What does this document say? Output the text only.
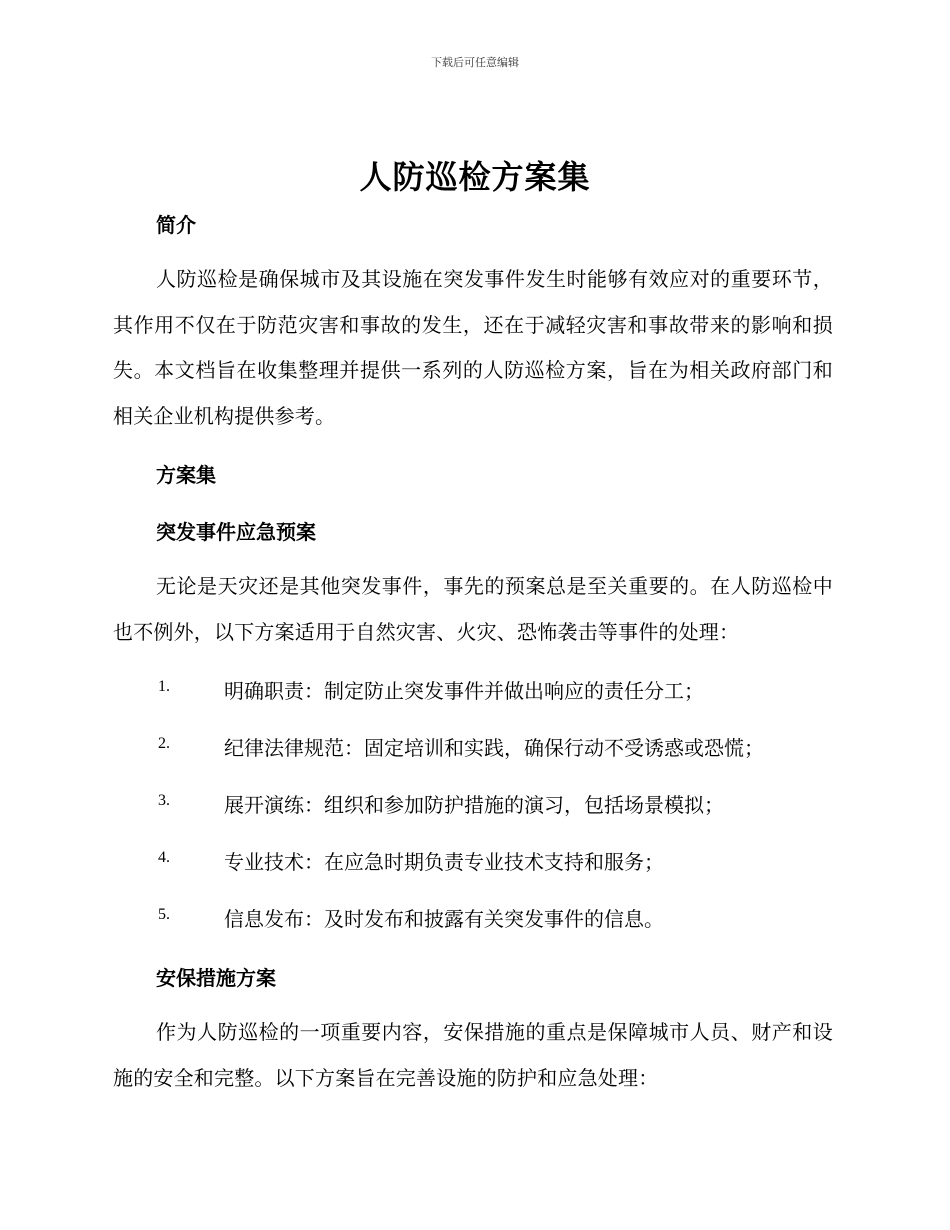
下载后可任意编辑
人防巡检方案集
简介
人防巡检是确保城市及其设施在突发事件发生时能够有效应对的重要环节，其作用不仅在于防范灾害和事故的发生，还在于减轻灾害和事故带来的影响和损失。本文档旨在收集整理并提供一系列的人防巡检方案，旨在为相关政府部门和相关企业机构提供参考。
方案集
突发事件应急预案
无论是天灾还是其他突发事件，事先的预案总是至关重要的。在人防巡检中也不例外，以下方案适用于自然灾害、火灾、恐怖袭击等事件的处理：
1.	明确职责：制定防止突发事件并做出响应的责任分工；
2.	纪律法律规范：固定培训和实践，确保行动不受诱惑或恐慌；
3.	展开演练：组织和参加防护措施的演习，包括场景模拟；
4.	专业技术：在应急时期负责专业技术支持和服务；
5.	信息发布：及时发布和披露有关突发事件的信息。
安保措施方案
作为人防巡检的一项重要内容，安保措施的重点是保障城市人员、财产和设施的安全和完整。以下方案旨在完善设施的防护和应急处理：
